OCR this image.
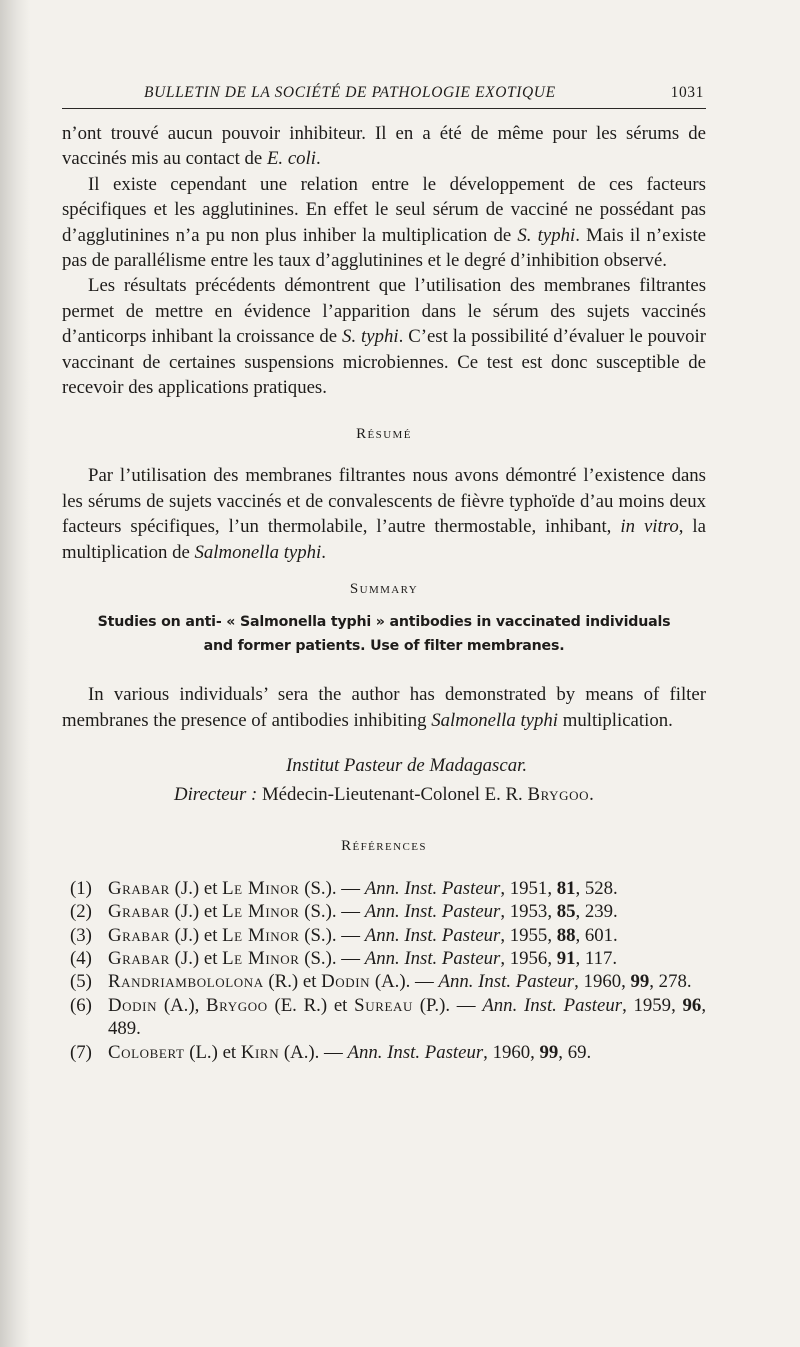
BULLETIN DE LA SOCIÉTÉ DE PATHOLOGIE EXOTIQUE	1031

n’ont trouvé aucun pouvoir inhibiteur. Il en a été de même pour les sérums de vaccinés mis au contact de E. coli.

Il existe cependant une relation entre le développement de ces facteurs spécifiques et les agglutinines. En effet le seul sérum de vacciné ne possédant pas d’agglutinines n’a pu non plus inhiber la multiplication de S. typhi. Mais il n’existe pas de parallélisme entre les taux d’agglutinines et le degré d’inhibition observé.

Les résultats précédents démontrent que l’utilisation des membranes filtrantes permet de mettre en évidence l’apparition dans le sérum des sujets vaccinés d’anticorps inhibant la croissance de S. typhi. C’est la possibilité d’évaluer le pouvoir vaccinant de certaines suspensions microbiennes. Ce test est donc susceptible de recevoir des applications pratiques.

Résumé

Par l’utilisation des membranes filtrantes nous avons démontré l’existence dans les sérums de sujets vaccinés et de convalescents de fièvre typhoïde d’au moins deux facteurs spécifiques, l’un thermolabile, l’autre thermostable, inhibant, in vitro, la multiplication de Salmonella typhi.

Summary

Studies on anti- « Salmonella typhi » antibodies in vaccinated individuals
and former patients. Use of filter membranes.

In various individuals’ sera the author has demonstrated by means of filter membranes the presence of antibodies inhibiting Salmonella typhi multiplication.

Institut Pasteur de Madagascar.
Directeur : Médecin-Lieutenant-Colonel E. R. Brygoo.

Références

(1) Grabar (J.) et Le Minor (S.). — Ann. Inst. Pasteur, 1951, 81, 528.
(2) Grabar (J.) et Le Minor (S.). — Ann. Inst. Pasteur, 1953, 85, 239.
(3) Grabar (J.) et Le Minor (S.). — Ann. Inst. Pasteur, 1955, 88, 601.
(4) Grabar (J.) et Le Minor (S.). — Ann. Inst. Pasteur, 1956, 91, 117.
(5) Randriambololona (R.) et Dodin (A.). — Ann. Inst. Pasteur, 1960, 99, 278.
(6) Dodin (A.), Brygoo (E. R.) et Sureau (P.). — Ann. Inst. Pasteur, 1959, 96, 489.
(7) Colobert (L.) et Kirn (A.). — Ann. Inst. Pasteur, 1960, 99, 69.
